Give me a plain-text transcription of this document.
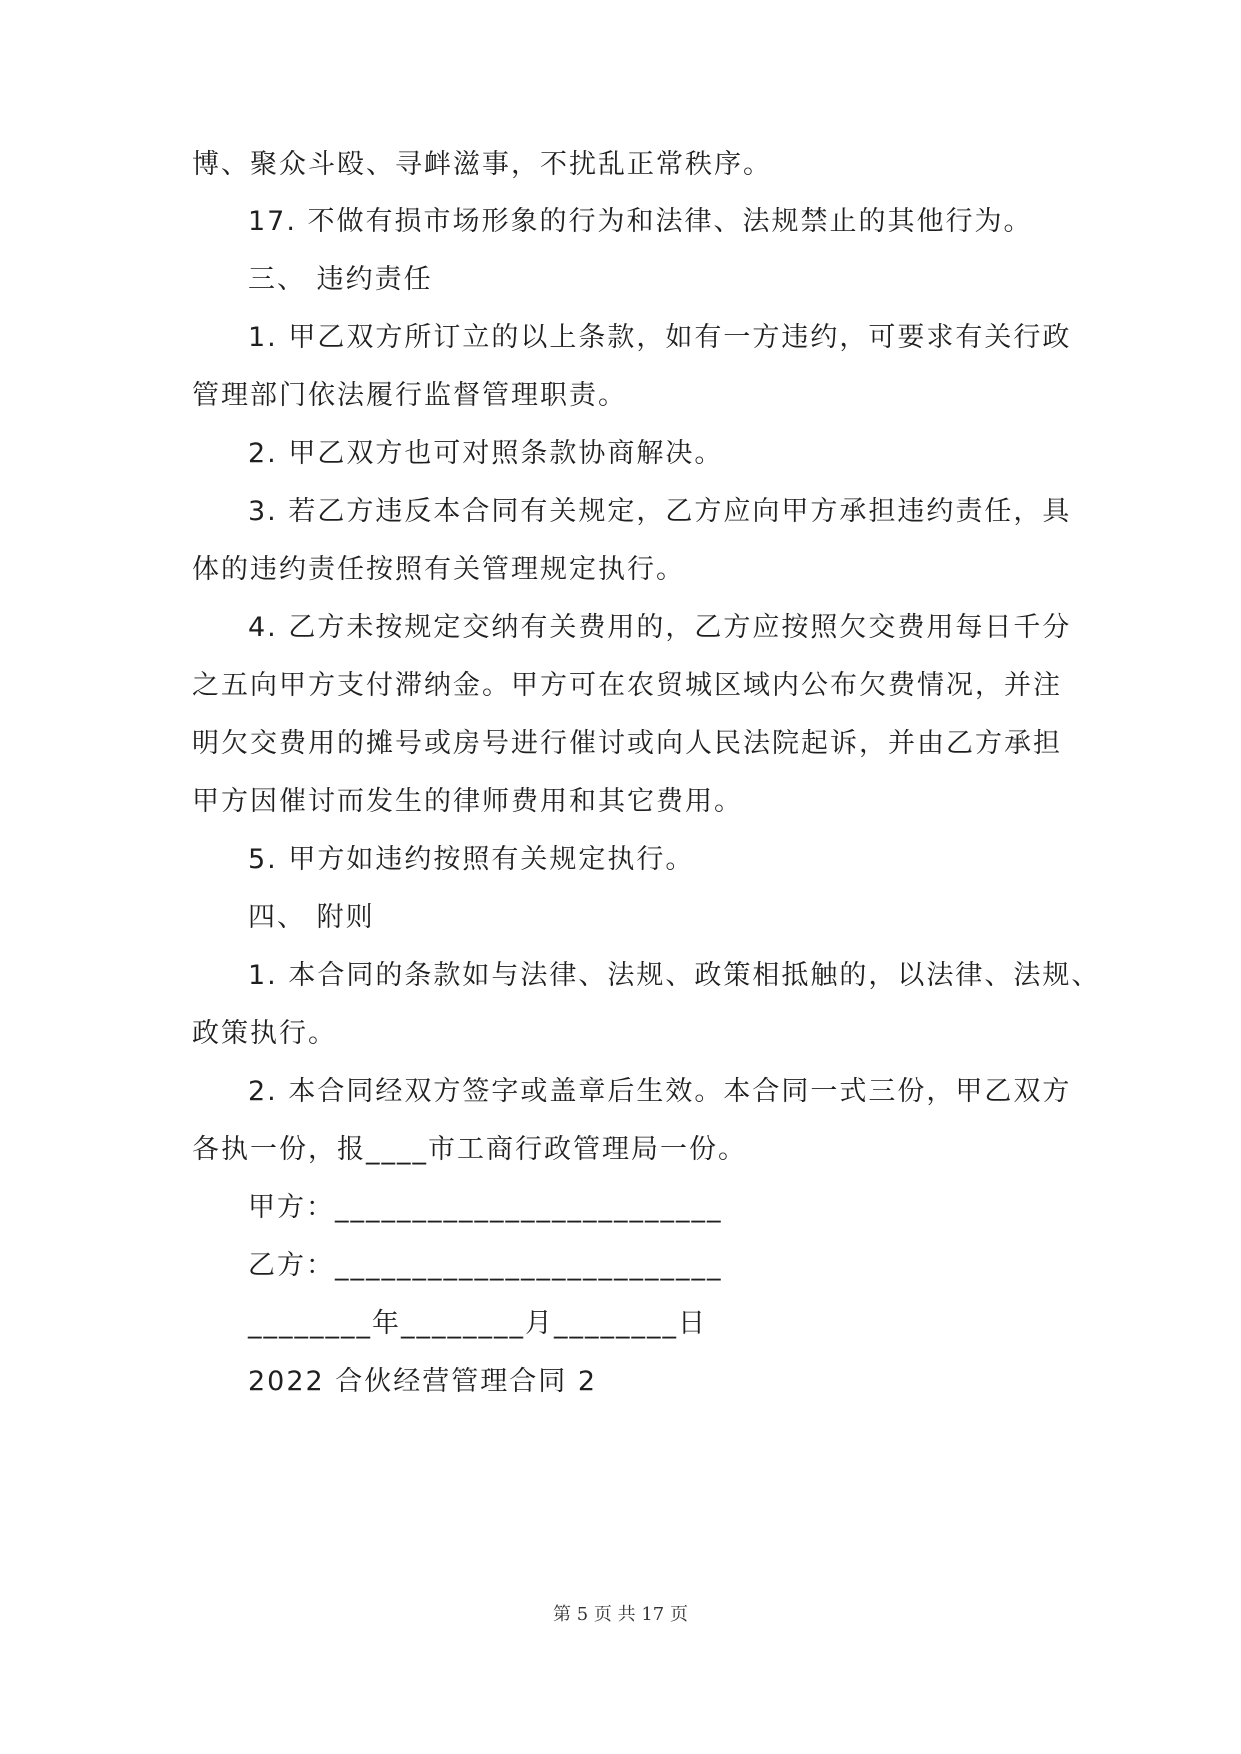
博、聚众斗殴、寻衅滋事，不扰乱正常秩序。
17. 不做有损市场形象的行为和法律、法规禁止的其他行为。
三、 违约责任
1. 甲乙双方所订立的以上条款，如有一方违约，可要求有关行政
管理部门依法履行监督管理职责。
2. 甲乙双方也可对照条款协商解决。
3. 若乙方违反本合同有关规定，乙方应向甲方承担违约责任，具
体的违约责任按照有关管理规定执行。
4. 乙方未按规定交纳有关费用的，乙方应按照欠交费用每日千分
之五向甲方支付滞纳金。甲方可在农贸城区域内公布欠费情况，并注
明欠交费用的摊号或房号进行催讨或向人民法院起诉，并由乙方承担
甲方因催讨而发生的律师费用和其它费用。
5. 甲方如违约按照有关规定执行。
四、 附则
1. 本合同的条款如与法律、法规、政策相抵触的，以法律、法规、
政策执行。
2. 本合同经双方签字或盖章后生效。本合同一式三份，甲乙双方
各执一份，报____市工商行政管理局一份。
甲方：_________________________
乙方：_________________________
________年________月________日
2022 合伙经营管理合同 2
第 5 页 共 17 页
